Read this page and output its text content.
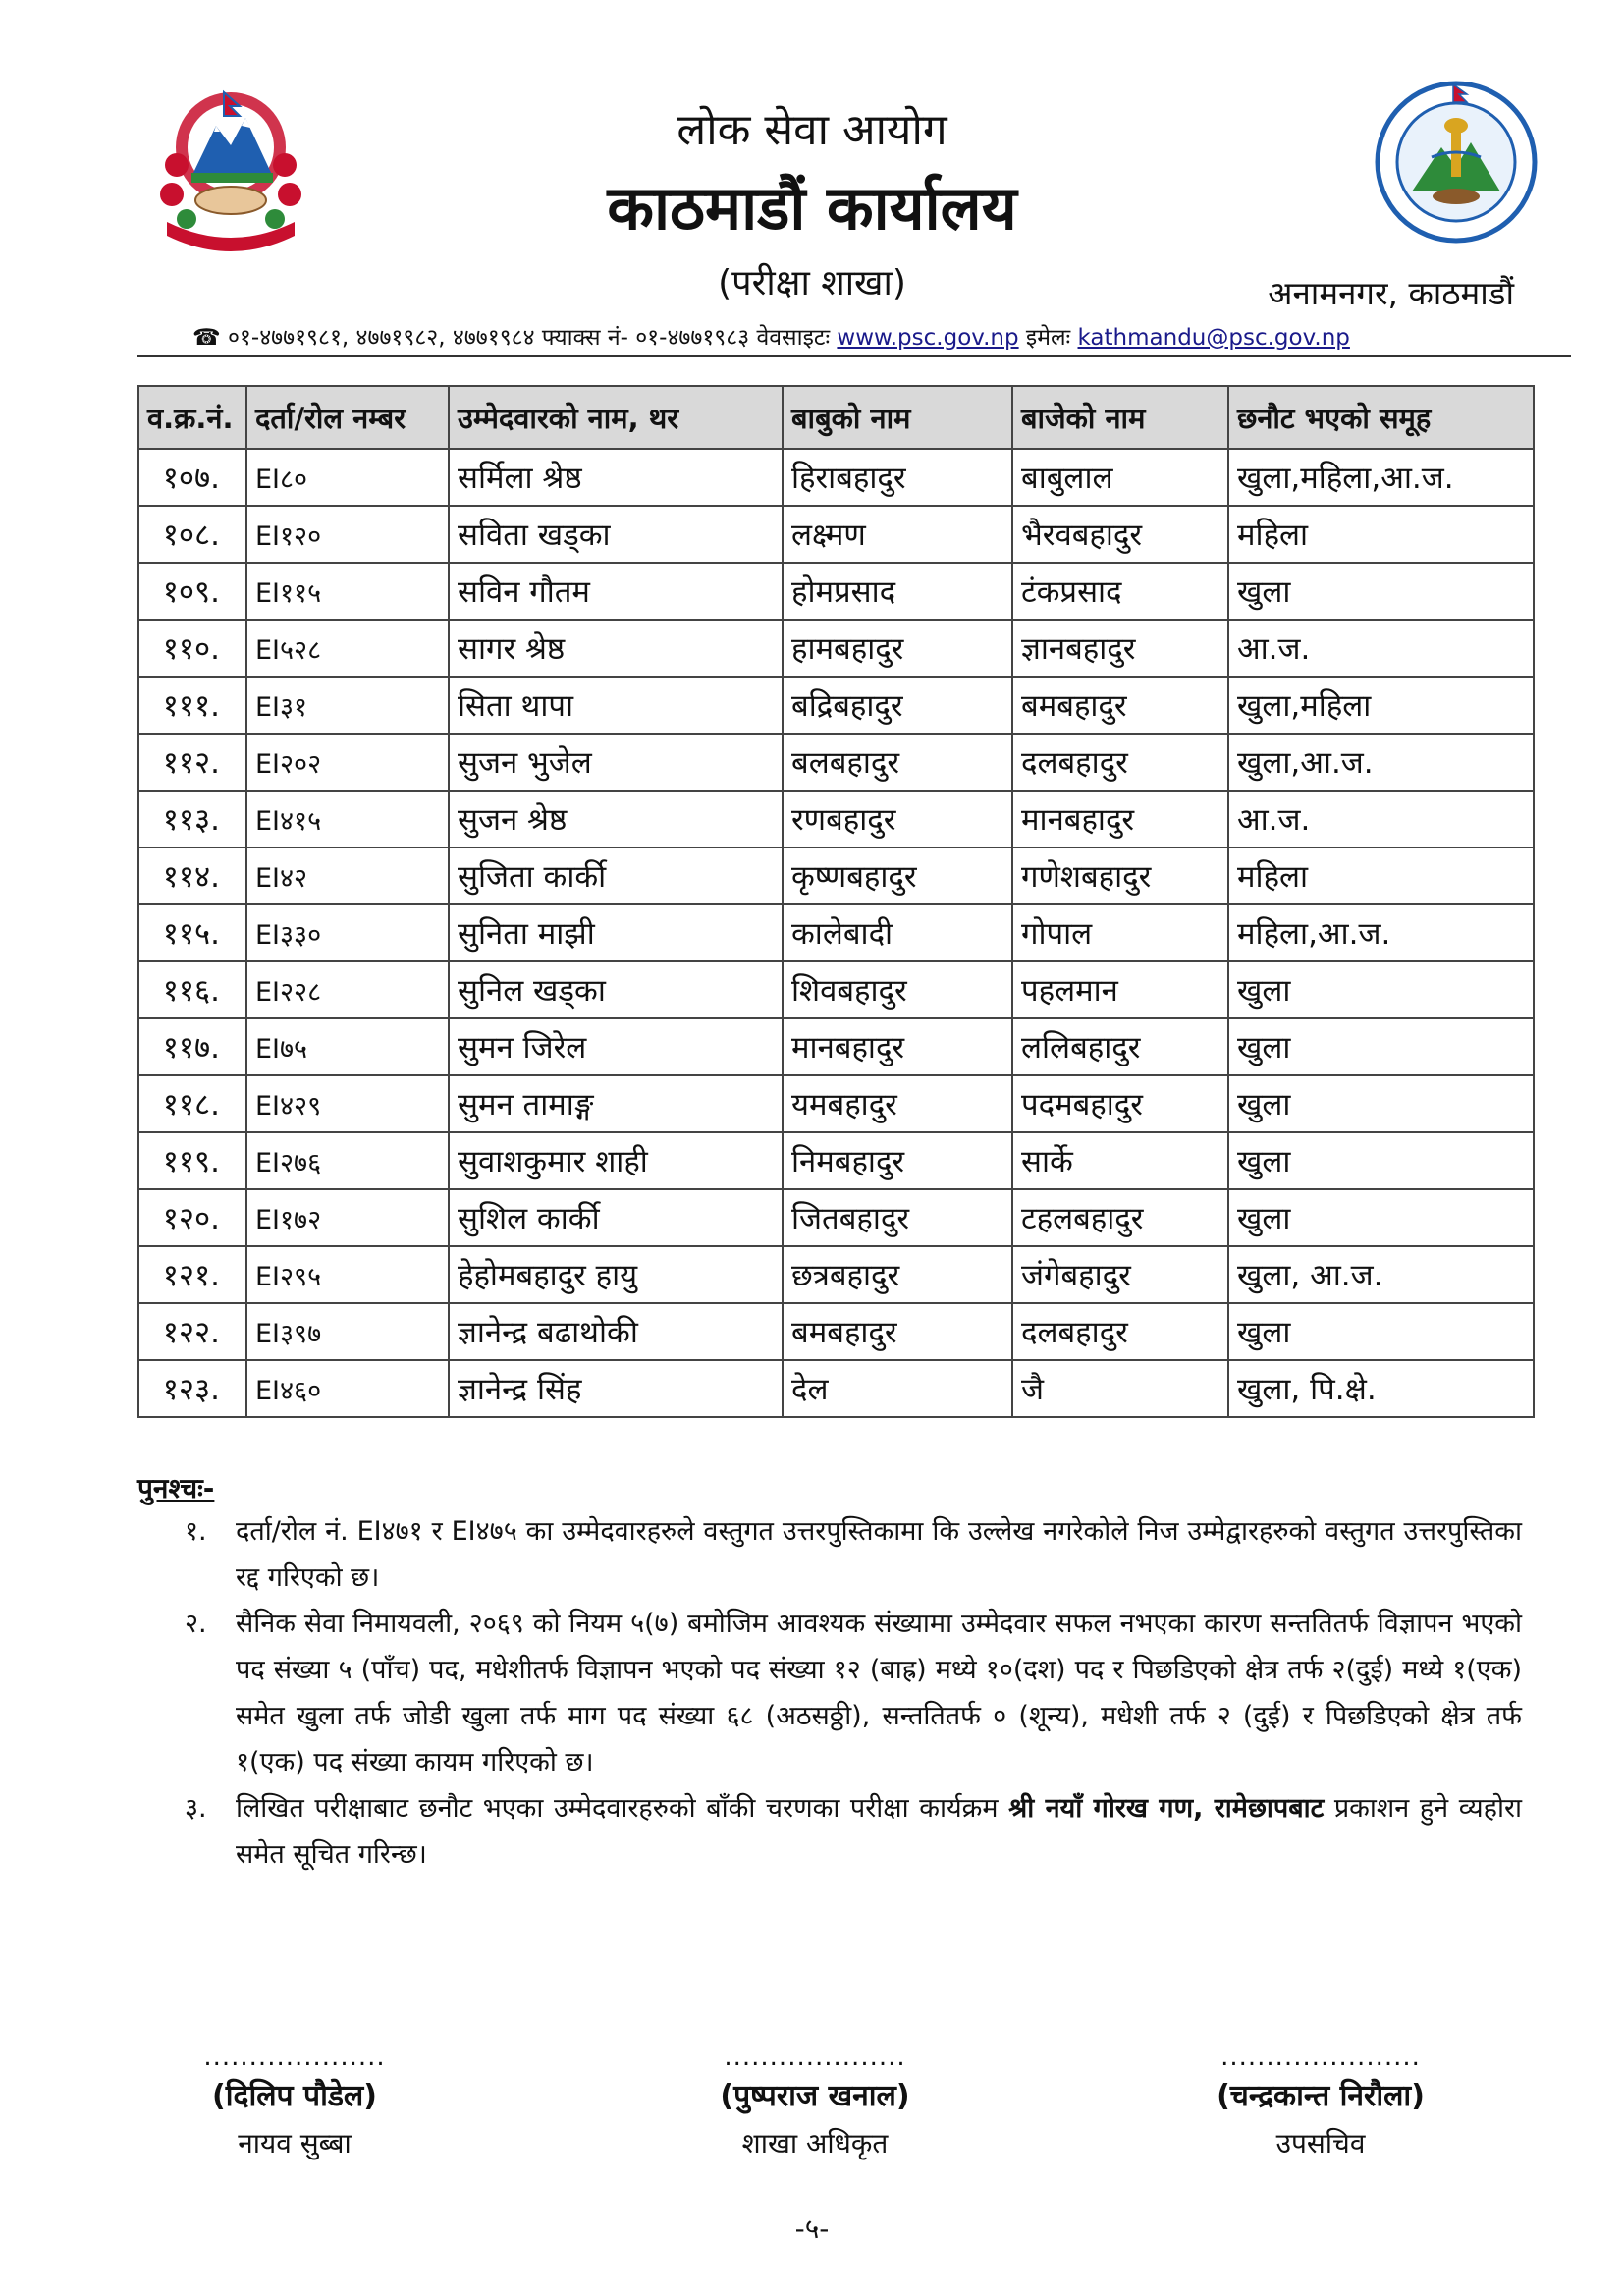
लोक सेवा आयोग
काठमाडौं कार्यालय
(परीक्षा शाखा)	अनामनगर, काठमाडौं
☎ ०१-४७७१९८१, ४७७१९८२, ४७७१९८४ फ्याक्स नं- ०१-४७७१९८३ वेवसाइटः www.psc.gov.np इमेलः kathmandu@psc.gov.np
व.क्र.नं.	दर्ता/रोल नम्बर	उम्मेदवारको नाम, थर	बाबुको नाम	बाजेको नाम	छनौट भएको समूह
१०७.	EI८०	सर्मिला श्रेष्ठ	हिराबहादुर	बाबुलाल	खुला,महिला,आ.ज.
१०८.	EI१२०	सविता खड्का	लक्ष्मण	भैरवबहादुर	महिला
१०९.	EI११५	सविन गौतम	होमप्रसाद	टंकप्रसाद	खुला
११०.	EI५२८	सागर श्रेष्ठ	हामबहादुर	ज्ञानबहादुर	आ.ज.
१११.	EI३१	सिता थापा	बद्रिबहादुर	बमबहादुर	खुला,महिला
११२.	EI२०२	सुजन भुजेल	बलबहादुर	दलबहादुर	खुला,आ.ज.
११३.	EI४१५	सुजन श्रेष्ठ	रणबहादुर	मानबहादुर	आ.ज.
११४.	EI४२	सुजिता कार्की	कृष्णबहादुर	गणेशबहादुर	महिला
११५.	EI३३०	सुनिता माझी	कालेबादी	गोपाल	महिला,आ.ज.
११६.	EI२२८	सुनिल खड्का	शिवबहादुर	पहलमान	खुला
११७.	EI७५	सुमन जिरेल	मानबहादुर	ललिबहादुर	खुला
११८.	EI४२९	सुमन तामाङ्ग	यमबहादुर	पदमबहादुर	खुला
११९.	EI२७६	सुवाशकुमार शाही	निमबहादुर	सार्के	खुला
१२०.	EI१७२	सुशिल कार्की	जितबहादुर	टहलबहादुर	खुला
१२१.	EI२९५	हेहोमबहादुर हायु	छत्रबहादुर	जंगेबहादुर	खुला, आ.ज.
१२२.	EI३९७	ज्ञानेन्द्र बढाथोकी	बमबहादुर	दलबहादुर	खुला
१२३.	EI४६०	ज्ञानेन्द्र सिंह	देल	जै	खुला, पि.क्षे.
पुनश्चः-
१. दर्ता/रोल नं. EI४७१ र EI४७५ का उम्मेदवारहरुले वस्तुगत उत्तरपुस्तिकामा कि उल्लेख नगरेकोले निज उम्मेद्वारहरुको वस्तुगत उत्तरपुस्तिका रद्द गरिएको छ।
२. सैनिक सेवा निमायवली, २०६९ को नियम ५(७) बमोजिम आवश्यक संख्यामा उम्मेदवार सफल नभएका कारण सन्ततितर्फ विज्ञापन भएको पद संख्या ५ (पाँच) पद, मधेशीतर्फ विज्ञापन भएको पद संख्या १२ (बाह्र) मध्ये १०(दश) पद र पिछडिएको क्षेत्र तर्फ २(दुई) मध्ये १(एक) समेत खुला तर्फ जोडी खुला तर्फ माग पद संख्या ६८ (अठसठ्ठी), सन्ततितर्फ ० (शून्य), मधेशी तर्फ २ (दुई) र पिछडिएको क्षेत्र तर्फ १(एक) पद संख्या कायम गरिएको छ।
३. लिखित परीक्षाबाट छनौट भएका उम्मेदवारहरुको बाँकी चरणका परीक्षा कार्यक्रम श्री नयाँ गोरख गण, रामेछापबाट प्रकाशन हुने व्यहोरा समेत सूचित गरिन्छ।
....................
(दिलिप पौडेल)
नायव सुब्बा
....................
(पुष्पराज खनाल)
शाखा अधिकृत
......................
(चन्द्रकान्त निरौला)
उपसचिव
-५-
